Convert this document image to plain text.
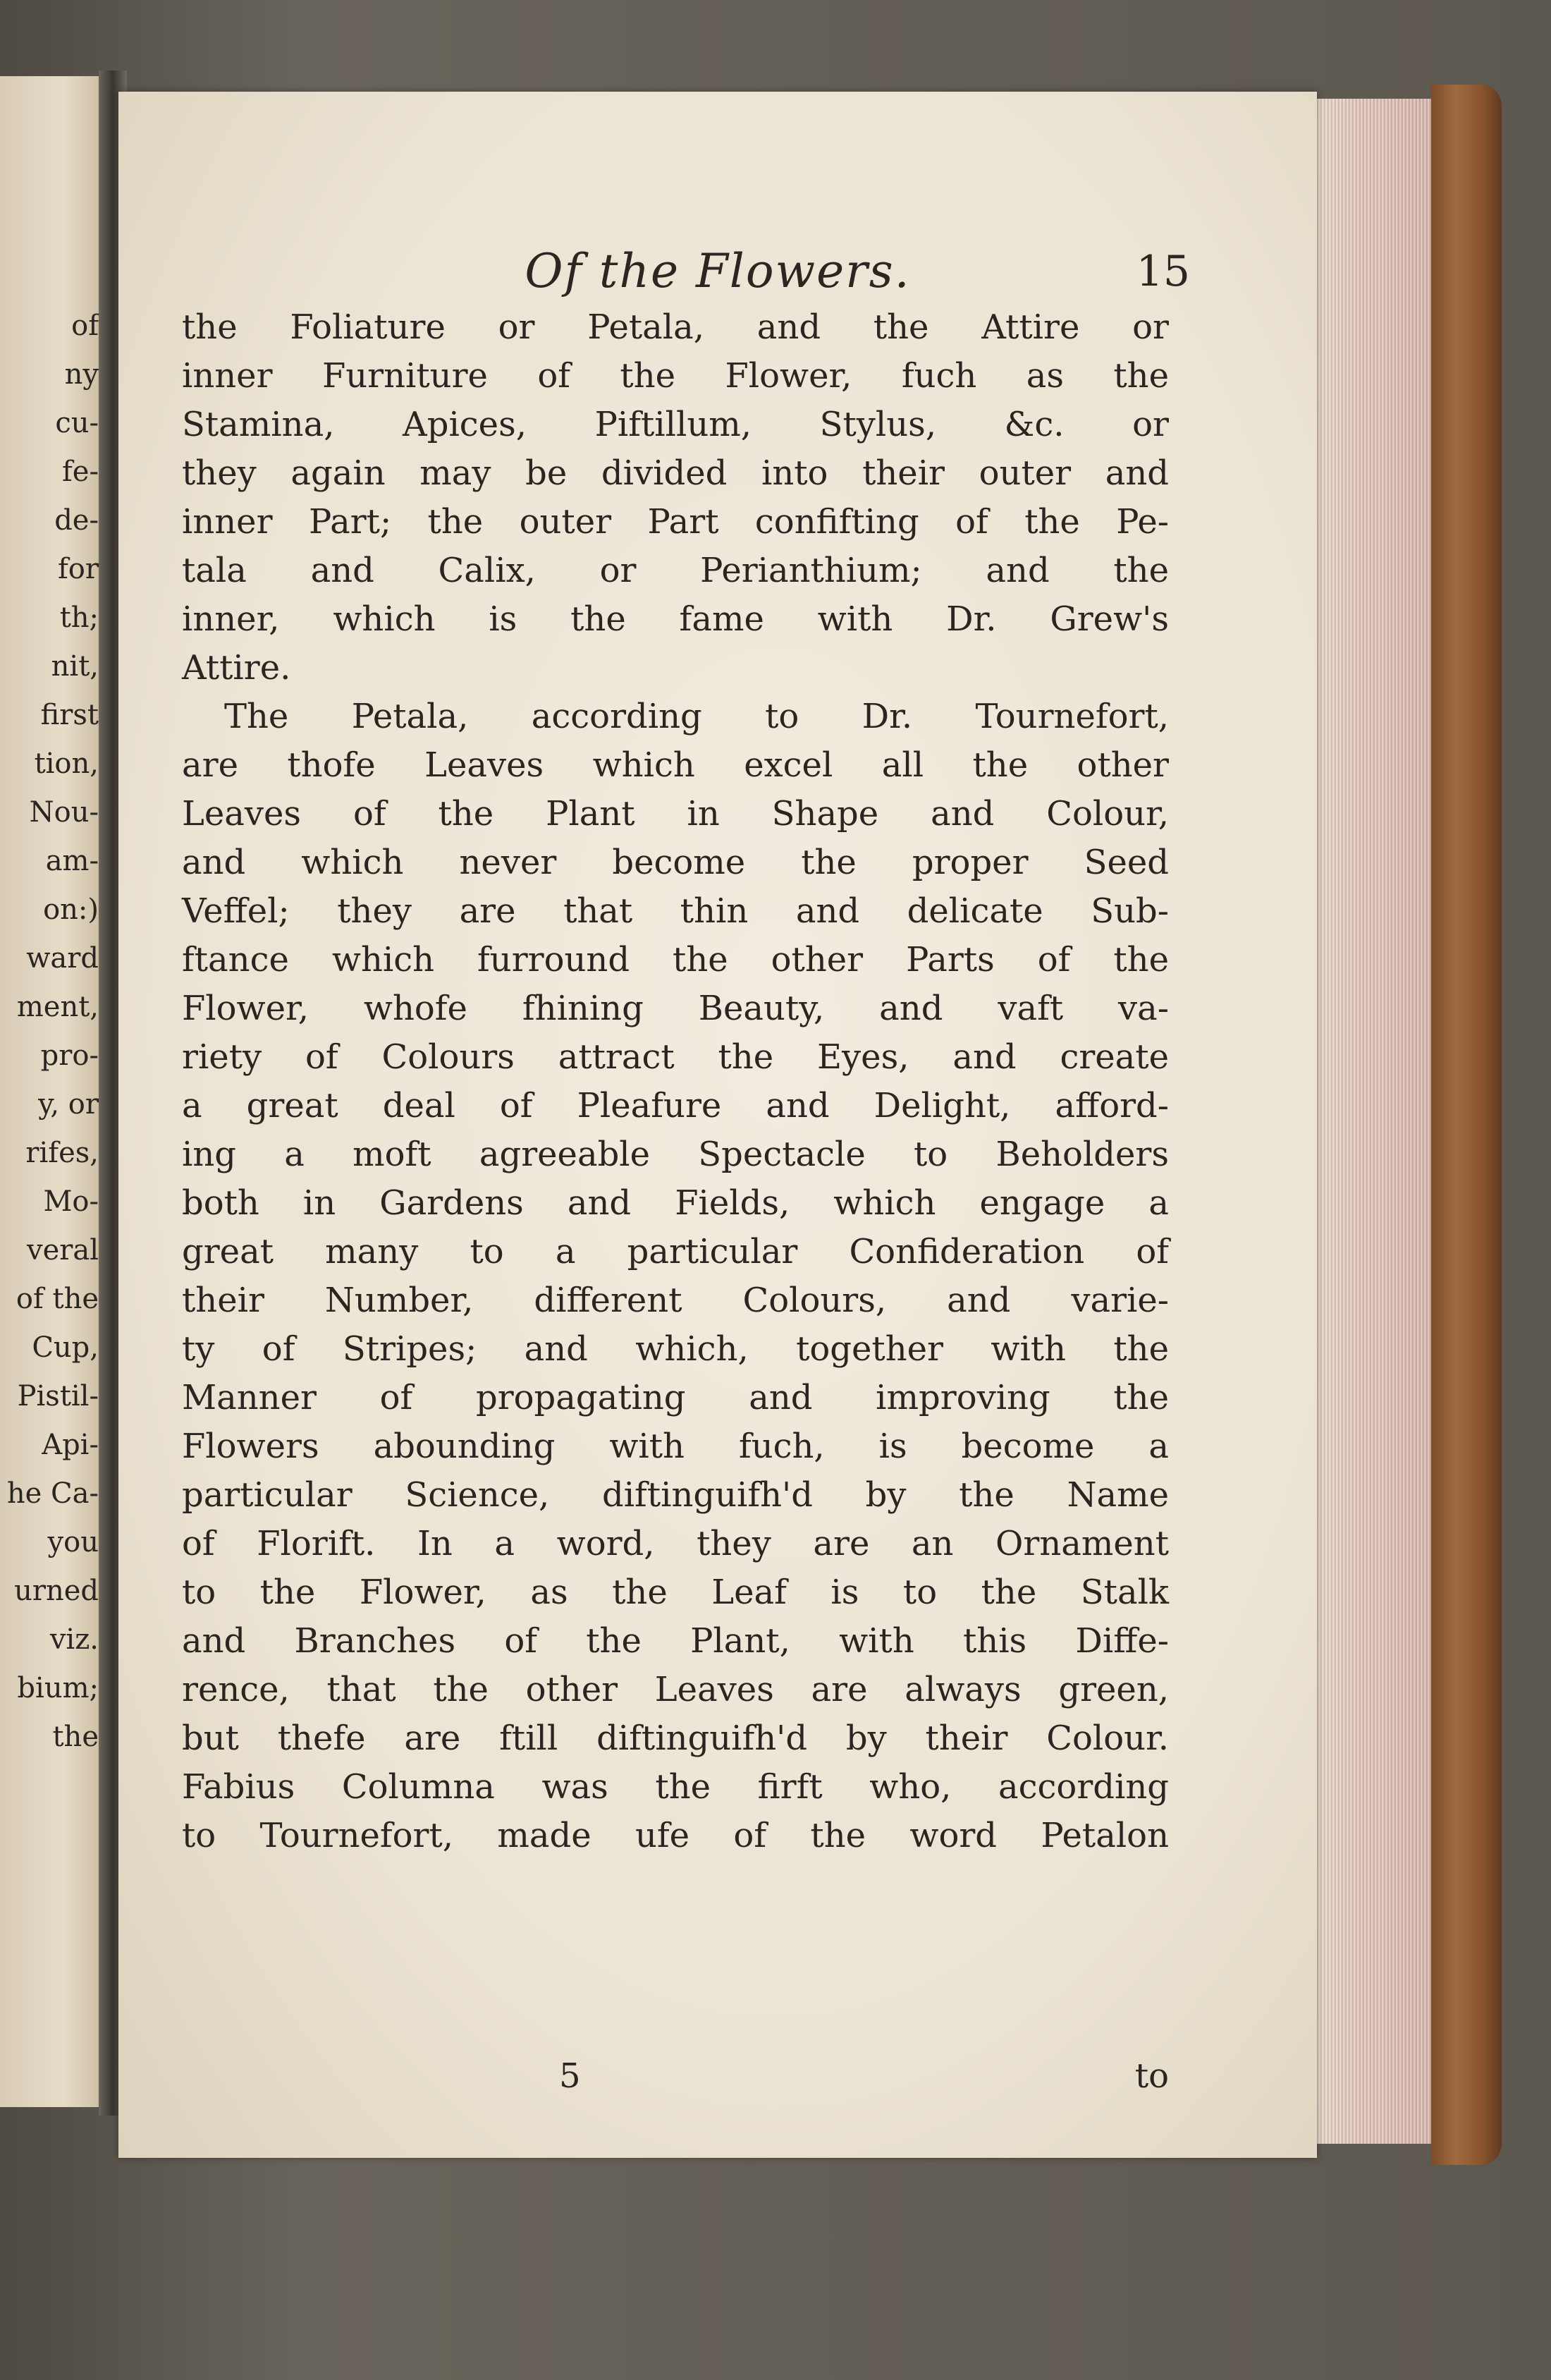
of
ny
cu-
fe-
de-
for
th;
nit,
first
tion,
Nou-
am-
on:)
ward
ment,
pro-
y, or
rifes,
Mo-
veral
of the
Cup,
Pistil-
Api-
he Ca-
you
urned
viz.
bium;
the
Of the Flowers.	15
the Foliature or Petala, and the Attire or
inner Furniture of the Flower, fuch as the
Stamina, Apices, Piftillum, Stylus, &c. or
they again may be divided into their outer and
inner Part; the outer Part confifting of the Pe-
tala and Calix, or Perianthium; and the
inner, which is the fame with Dr. Grew's
Attire.
The Petala, according to Dr. Tournefort,
are thofe Leaves which excel all the other
Leaves of the Plant in Shape and Colour,
and which never become the proper Seed
Veffel; they are that thin and delicate Sub-
ftance which furround the other Parts of the
Flower, whofe fhining Beauty, and vaft va-
riety of Colours attract the Eyes, and create
a great deal of Pleafure and Delight, afford-
ing a moft agreeable Spectacle to Beholders
both in Gardens and Fields, which engage a
great many to a particular Confideration of
their Number, different Colours, and varie-
ty of Stripes; and which, together with the
Manner of propagating and improving the
Flowers abounding with fuch, is become a
particular Science, diftinguifh'd by the Name
of Florift. In a word, they are an Ornament
to the Flower, as the Leaf is to the Stalk
and Branches of the Plant, with this Diffe-
rence, that the other Leaves are always green,
but thefe are ftill diftinguifh'd by their Colour.
Fabius Columna was the firft who, according
to Tournefort, made ufe of the word Petalon
5	to
